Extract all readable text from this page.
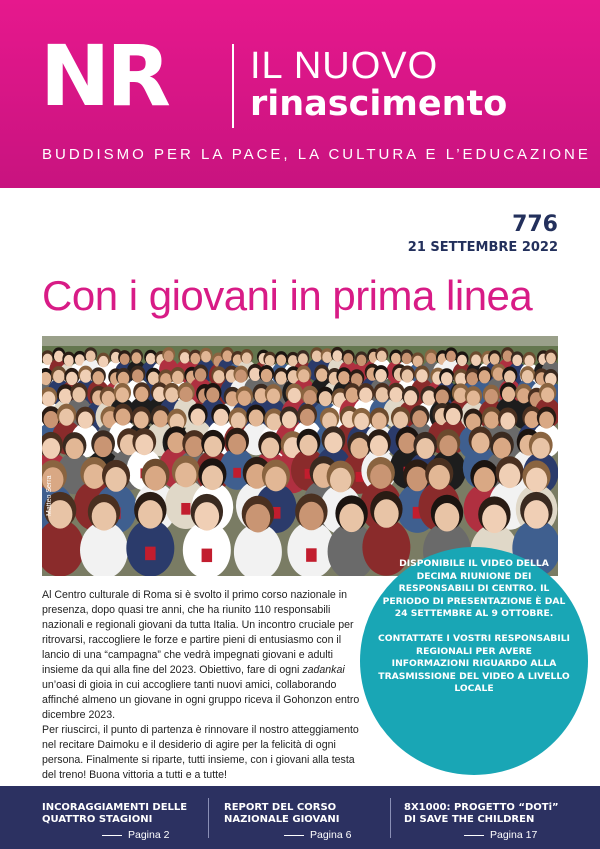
NR IL NUOVO
rinascimento
BUDDISMO PER LA PACE, LA CULTURA E L’EDUCAZIONE
776
21 SETTEMBRE 2022
Con i giovani in prima linea
Matteo Serra

Al Centro culturale di Roma si è svolto il primo corso nazionale in presenza, dopo quasi tre anni, che ha riunito 110 responsabili nazionali e regionali giovani da tutta Italia. Un incontro cruciale per ritrovarsi, raccogliere le forze e partire pieni di entusiasmo con il lancio di una “campagna” che vedrà impegnati giovani e adulti insieme da qui alla fine del 2023. Obiettivo, fare di ogni zadankai un’oasi di gioia in cui accogliere tanti nuovi amici, collaborando affinché almeno un giovane in ogni gruppo riceva il Gohonzon entro dicembre 2023.

Per riuscirci, il punto di partenza è rinnovare il nostro atteggiamento nel recitare Daimoku e il desiderio di agire per la felicità di ogni persona. Finalmente si riparte, tutti insieme, con i giovani alla testa del treno! Buona vittoria a tutti e a tutte!

DISPONIBILE IL VIDEO DELLA DECIMA RIUNIONE DEI RESPONSABILI DI CENTRO. IL PERIODO DI PRESENTAZIONE È DAL 24 SETTEMBRE AL 9 OTTOBRE.

CONTATTATE I VOSTRI RESPONSABILI REGIONALI PER AVERE INFORMAZIONI RIGUARDO ALLA TRASMISSIONE DEL VIDEO A LIVELLO LOCALE

INCORAGGIAMENTI DELLE
QUATTRO STAGIONI
Pagina 2
REPORT DEL CORSO
NAZIONALE GIOVANI
Pagina 6
8X1000: PROGETTO “DOTi”
DI SAVE THE CHILDREN
Pagina 17
